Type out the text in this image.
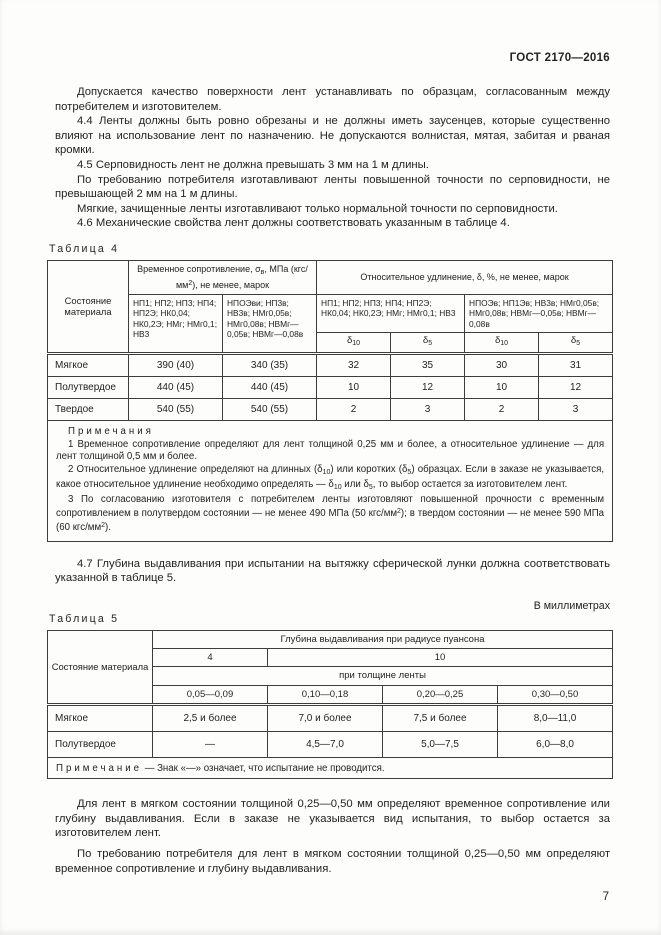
ГОСТ 2170—2016

Допускается качество поверхности лент устанавливать по образцам, согласованным между потребителем и изготовителем.

4.4 Ленты должны быть ровно обрезаны и не должны иметь заусенцев, которые существенно влияют на использование лент по назначению. Не допускаются волнистая, мятая, забитая и рваная кромки.

4.5 Серповидность лент не должна превышать 3 мм на 1 м длины.

По требованию потребителя изготавливают ленты повышенной точности по серповидности, не превышающей 2 мм на 1 м длины.

Мягкие, зачищенные ленты изготавливают только нормальной точности по серповидности.

4.6 Механические свойства лент должны соответствовать указанным в таблице 4.

Таблица 4
Состояние материала	Временное сопротивление, $\sigma_в$, МПа $(кгс/мм^2)$, не менее, марок		Относительное удлинение, δ, %, не менее, марок			
	НП1; НП2; НП3; НП4; НП2Э; НК0,04; НК0,2Э; НМг; НМг0,1; НВ3	НПОЭви; НП3в; НВ3в; НМг0,05в; НМг0,08в; НВМг—0,05в; НВМг—0,08в	НП1; НП2; НП3; НП4; НП2Э; НК0,04; НК0,2Э; НМг; НМг0,1; НВ3		НПОЭв; НП1Эв; НВ3в; НМг0,05в; НМг0,08в; НВМг—0,05в; НВМг—0,08в	
			$\delta_{10}$	$\delta_5$	$\delta_{10}$	$\delta_5$
Мягкое	390 (40)	340 (35)	32	35	30	31
Полутвердое	440 (45)	440 (45)	10	12	10	12
Твердое	540 (55)	540 (55)	2	3	2	3

Примечания

1 Временное сопротивление определяют для лент толщиной 0,25 мм и более, а относительное удлинение — для лент толщиной 0,5 мм и более.

2 Относительное удлинение определяют на длинных $(\delta_{10})$ или коротких $(\delta_5)$ образцах. Если в заказе не указывается, какое относительное удлинение необходимо определять — $\delta_{10}$ или $\delta_5$, то выбор остается за изготовителем лент.

3 По согласованию изготовителя с потребителем ленты изготовляют повышенной прочности с временным сопротивлением в полутвердом состоянии — не менее 490 МПа (50 кгс/$мм^2$); в твердом состоянии — не менее 590 МПа (60 кгс/$мм^2$).						

4.7 Глубина выдавливания при испытании на вытяжку сферической лунки должна соответствовать указанной в таблице 5.

В миллиметрах
Таблица 5
Состояние материала	Глубина выдавливания при радиусе пуансона			
	4	10		
	при толщине ленты			
	0,05—0,09	0,10—0,18	0,20—0,25	0,30—0,50
Мягкое	2,5 и более	7,0 и более	7,5 и более	8,0—11,0
Полутвердое	—	4,5—7,0	5,0—7,5	6,0—8,0
Примечание — Знак «—» означает, что испытание не проводится.				

Для лент в мягком состоянии толщиной 0,25—0,50 мм определяют временное сопротивление или глубину выдавливания. Если в заказе не указывается вид испытания, то выбор остается за изготовителем лент.

По требованию потребителя для лент в мягком состоянии толщиной 0,25—0,50 мм определяют временное сопротивление и глубину выдавливания.

7
